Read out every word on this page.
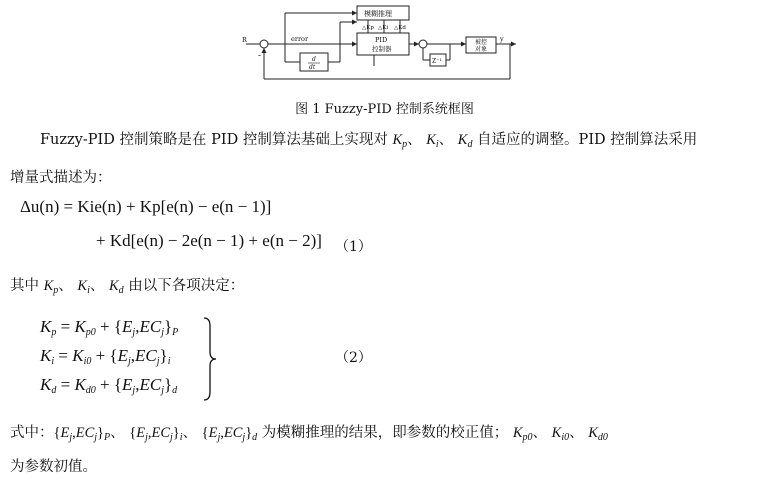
R	error	y
-
模糊推理
△Kp △Ki △Kd
PID
控制器
被控
对象
d
dt
Z⁻¹
图 1 Fuzzy-PID 控制系统框图
Fuzzy-PID 控制策略是在 PID 控制算法基础上实现对 $K_p$、 $K_i$、 $K_d$ 自适应的调整。PID 控制算法采用
增量式描述为：
Δu(n) = Kie(n) + Kp[e(n) − e(n − 1)]
+ Kd[e(n) − 2e(n − 1) + e(n − 2)] （1）
其中 $K_p$、 $K_i$、 $K_d$ 由以下各项决定：
$K_p = K_{p0} + \{E_j,EC_j\}_P$
$K_i = K_{i0} + \{E_j,EC_j\}_i$
$K_d = K_{d0} + \{E_j,EC_j\}_d$
（2）
式中：$\{E_j,EC_j\}_P$、 $\{E_j,EC_j\}_i$、 $\{E_j,EC_j\}_d$ 为模糊推理的结果，即参数的校正值； $K_{p0}$、 $K_{i0}$、 $K_{d0}$
为参数初值。
